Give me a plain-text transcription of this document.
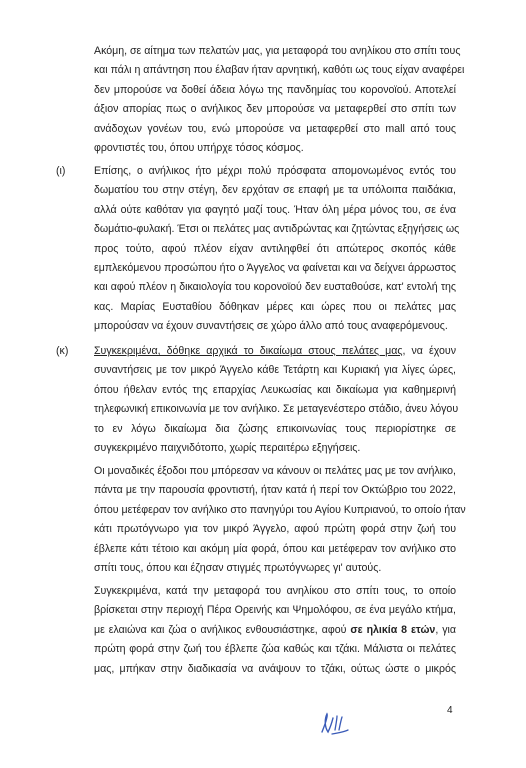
Ακόμη, σε αίτημα των πελατών μας, για μεταφορά του ανηλίκου στο σπίτι τους
και πάλι η απάντηση που έλαβαν ήταν αρνητική, καθότι ως τους είχαν αναφέρει
δεν μπορούσε να δοθεί άδεια λόγω της πανδημίας του κορονοϊού. Αποτελεί
άξιον απορίας πως ο ανήλικος δεν μπορούσε να μεταφερθεί στο σπίτι των
ανάδοχων γονέων του, ενώ μπορούσε να μεταφερθεί στο mall από τους
φροντιστές του, όπου υπήρχε τόσος κόσμος.
(ι)	Επίσης, ο ανήλικος ήτο μέχρι πολύ πρόσφατα απομονωμένος εντός του
δωματίου του στην στέγη, δεν ερχόταν σε επαφή με τα υπόλοιπα παιδάκια,
αλλά ούτε καθόταν για φαγητό μαζί τους. Ήταν όλη μέρα μόνος του, σε ένα
δωμάτιο-φυλακή. Έτσι οι πελάτες μας αντιδρώντας και ζητώντας εξηγήσεις ως
προς τούτο, αφού πλέον είχαν αντιληφθεί ότι απώτερος σκοπός κάθε
εμπλεκόμενου προσώπου ήτο ο Άγγελος να φαίνεται και να δείχνει άρρωστος
και αφού πλέον η δικαιολογία του κορονοϊού δεν ευσταθούσε, κατ' εντολή της
κας. Μαρίας Ευσταθίου δόθηκαν μέρες και ώρες που οι πελάτες μας
μπορούσαν να έχουν συναντήσεις σε χώρο άλλο από τους αναφερόμενους.
(κ) Συγκεκριμένα, δόθηκε αρχικά το δικαίωμα στους πελάτες μας, να έχουν
συναντήσεις με τον μικρό Άγγελο κάθε Τετάρτη και Κυριακή για λίγες ώρες,
όπου ήθελαν εντός της επαρχίας Λευκωσίας και δικαίωμα για καθημερινή
τηλεφωνική επικοινωνία με τον ανήλικο. Σε μεταγενέστερο στάδιο, άνευ λόγου
το εν λόγω δικαίωμα δια ζώσης επικοινωνίας τους περιορίστηκε σε
συγκεκριμένο παιχνιδότοπο, χωρίς περαιτέρω εξηγήσεις.
Οι μοναδικές έξοδοι που μπόρεσαν να κάνουν οι πελάτες μας με τον ανήλικο,
πάντα με την παρουσία φροντιστή, ήταν κατά ή περί τον Οκτώβριο του 2022,
όπου μετέφεραν τον ανήλικο στο πανηγύρι του Αγίου Κυπριανού, το οποίο ήταν
κάτι πρωτόγνωρο για τον μικρό Άγγελο, αφού πρώτη φορά στην ζωή του
έβλεπε κάτι τέτοιο και ακόμη μία φορά, όπου και μετέφεραν τον ανήλικο στο
σπίτι τους, όπου και έζησαν στιγμές πρωτόγνωρες γι' αυτούς.
Συγκεκριμένα, κατά την μεταφορά του ανηλίκου στο σπίτι τους, το οποίο
βρίσκεται στην περιοχή Πέρα Ορεινής και Ψημολόφου, σε ένα μεγάλο κτήμα,
με ελαιώνα και ζώα ο ανήλικος ενθουσιάστηκε, αφού σε ηλικία 8 ετών, για
πρώτη φορά στην ζωή του έβλεπε ζώα καθώς και τζάκι. Μάλιστα οι πελάτες
μας, μπήκαν στην διαδικασία να ανάψουν το τζάκι, ούτως ώστε ο μικρός
4
